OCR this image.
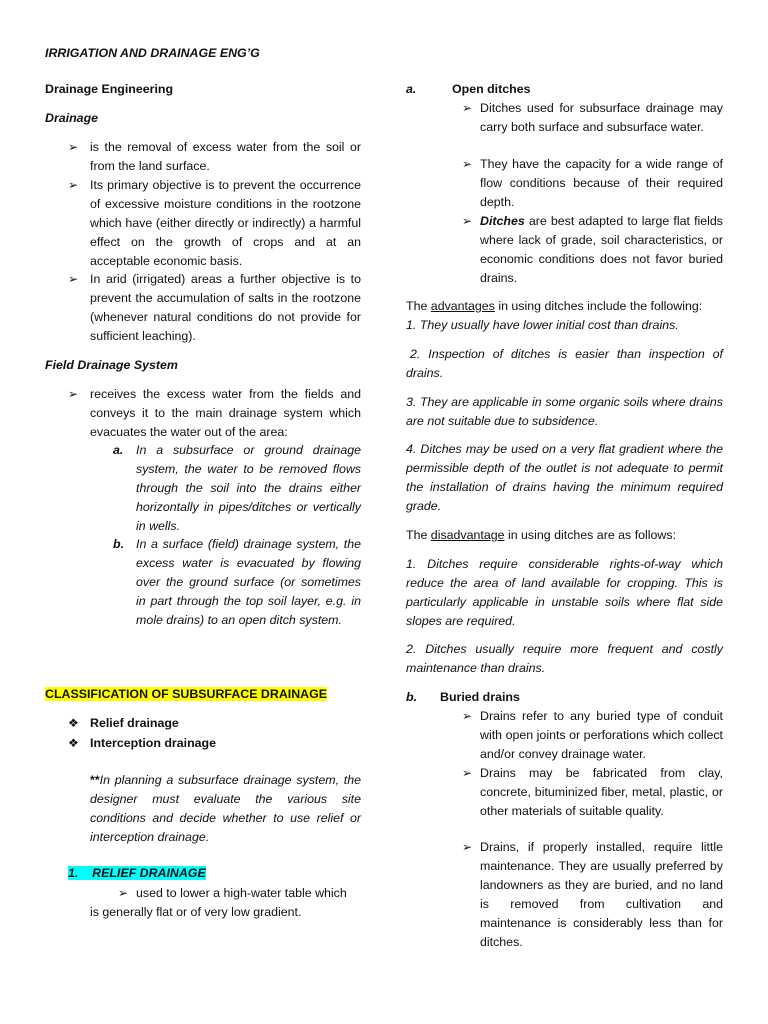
IRRIGATION AND DRAINAGE ENG’G
Drainage Engineering
Drainage
➢ is the removal of excess water from the soil or from the land surface.
➢ Its primary objective is to prevent the occurrence of excessive moisture conditions in the rootzone which have (either directly or indirectly) a harmful effect on the growth of crops and at an acceptable economic basis.
➢ In arid (irrigated) areas a further objective is to prevent the accumulation of salts in the rootzone (whenever natural conditions do not provide for sufficient leaching).
Field Drainage System
➢ receives the excess water from the fields and conveys it to the main drainage system which evacuates the water out of the area:
a. In a subsurface or ground drainage system, the water to be removed flows through the soil into the drains either horizontally in pipes/ditches or vertically in wells.
b. In a surface (field) drainage system, the excess water is evacuated by flowing over the ground surface (or sometimes in part through the top soil layer, e.g. in mole drains) to an open ditch system.
CLASSIFICATION OF SUBSURFACE DRAINAGE
❖ Relief drainage
❖ Interception drainage
**In planning a subsurface drainage system, the designer must evaluate the various site conditions and decide whether to use relief or interception drainage.
1. RELIEF DRAINAGE
➢ used to lower a high-water table which
is generally flat or of very low gradient.
a.	Open ditches
➢ Ditches used for subsurface drainage may carry both surface and subsurface water.
➢ They have the capacity for a wide range of flow conditions because of their required depth.
➢ Ditches are best adapted to large flat fields where lack of grade, soil characteristics, or economic conditions does not favor buried drains.
The advantages in using ditches include the following:
1. They usually have lower initial cost than drains.
2. Inspection of ditches is easier than inspection of drains.
3. They are applicable in some organic soils where drains are not suitable due to subsidence.
4. Ditches may be used on a very flat gradient where the permissible depth of the outlet is not adequate to permit the installation of drains having the minimum required grade.
The disadvantage in using ditches are as follows:
1. Ditches require considerable rights-of-way which reduce the area of land available for cropping. This is particularly applicable in unstable soils where flat side slopes are required.
2. Ditches usually require more frequent and costly maintenance than drains.
b. Buried drains
➢ Drains refer to any buried type of conduit with open joints or perforations which collect and/or convey drainage water.
➢ Drains may be fabricated from clay, concrete, bituminized fiber, metal, plastic, or other materials of suitable quality.
➢ Drains, if properly installed, require little maintenance. They are usually preferred by landowners as they are buried, and no land is removed from cultivation and maintenance is considerably less than for ditches.
